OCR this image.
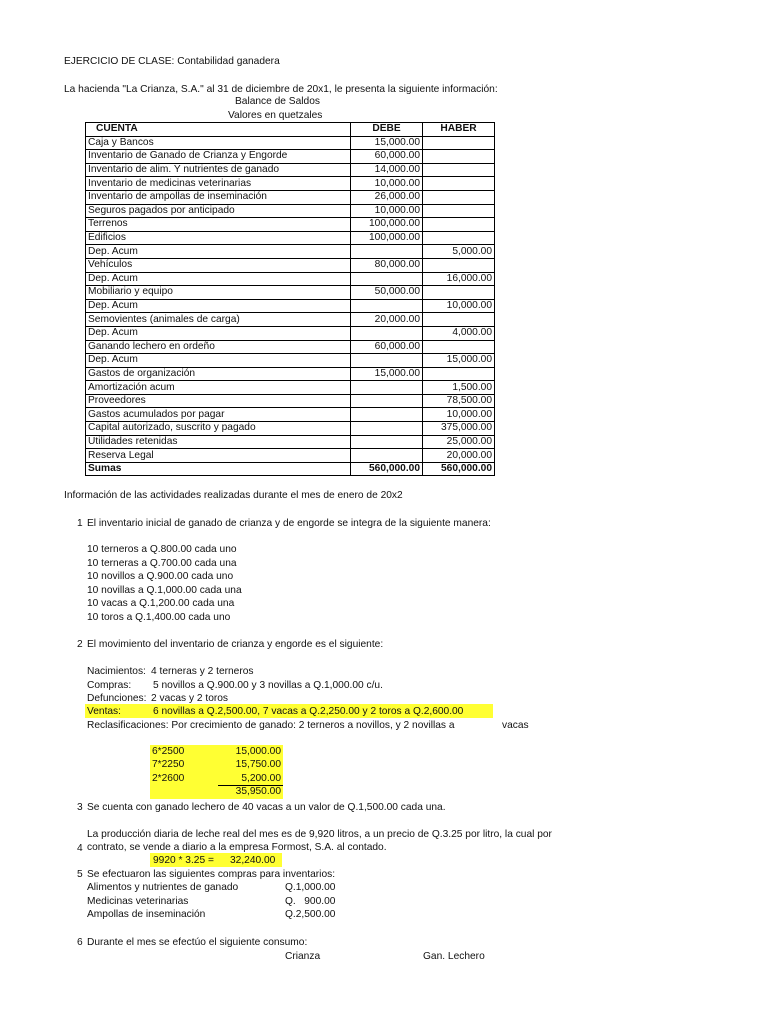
EJERCICIO DE CLASE: Contabilidad ganadera
La hacienda "La Crianza, S.A." al 31 de diciembre de 20x1, le presenta la siguiente información:
Balance de Saldos
Valores en quetzales
CUENTA	DEBE	HABER
Caja y Bancos	15,000.00	
Inventario de Ganado de Crianza y Engorde	60,000.00	
Inventario de alim. Y nutrientes de ganado	14,000.00	
Inventario de medicinas veterinarias	10,000.00	
Inventario de ampollas de inseminación	26,000.00	
Seguros pagados por anticipado	10,000.00	
Terrenos	100,000.00	
Edificios	100,000.00	
Dep. Acum		5,000.00
Vehículos	80,000.00	
Dep. Acum		16,000.00
Mobiliario y equipo	50,000.00	
Dep. Acum		10,000.00
Semovientes (animales de carga)	20,000.00	
Dep. Acum		4,000.00
Ganando lechero en ordeño	60,000.00	
Dep. Acum		15,000.00
Gastos de organización	15,000.00	
Amortización acum		1,500.00
Proveedores		78,500.00
Gastos acumulados por pagar		10,000.00
Capital autorizado, suscrito y pagado		375,000.00
Utilidades retenidas		25,000.00
Reserva Legal		20,000.00
Sumas	560,000.00	560,000.00
Información de las actividades realizadas durante el mes de enero de 20x2
1 El inventario inicial de ganado de crianza y de engorde se integra de la siguiente manera:
10 terneros a Q.800.00 cada uno
10 terneras a Q.700.00 cada una
10 novillos a Q.900.00 cada uno
10 novillas a Q.1,000.00 cada una
10 vacas a Q.1,200.00 cada una
10 toros a Q.1,400.00 cada uno
2 El movimiento del inventario de crianza y engorde es el siguiente:
Nacimientos: 4 terneras y 2 terneros
Compras: 5 novillos a Q.900.00 y 3 novillas a Q.1,000.00 c/u.
Defunciones: 2 vacas y 2 toros
Ventas:	6 novillas a Q.2,500.00, 7 vacas a Q.2,250.00 y 2 toros a Q.2,600.00
Reclasificaciones: Por crecimiento de ganado: 2 terneros a novillos, y 2 novillas a	vacas
6*2500	15,000.00
7*2250	15,750.00
2*2600	5,200.00
35,950.00
3 Se cuenta con ganado lechero de 40 vacas a un valor de Q.1,500.00 cada una.
La producción diaria de leche real del mes es de 9,920 litros, a un precio de Q.3.25 por litro, la cual por contrato, se vende a diario a la empresa Formost, S.A. al contado.
4
9920 * 3.25 = 32,240.00
5 Se efectuaron las siguientes compras para inventarios:
Alimentos y nutrientes de ganado	Q.1,000.00
Medicinas veterinarias	Q.   900.00
Ampollas de inseminación	Q.2,500.00
6 Durante el mes se efectúo el siguiente consumo:
Crianza	Gan. Lechero
